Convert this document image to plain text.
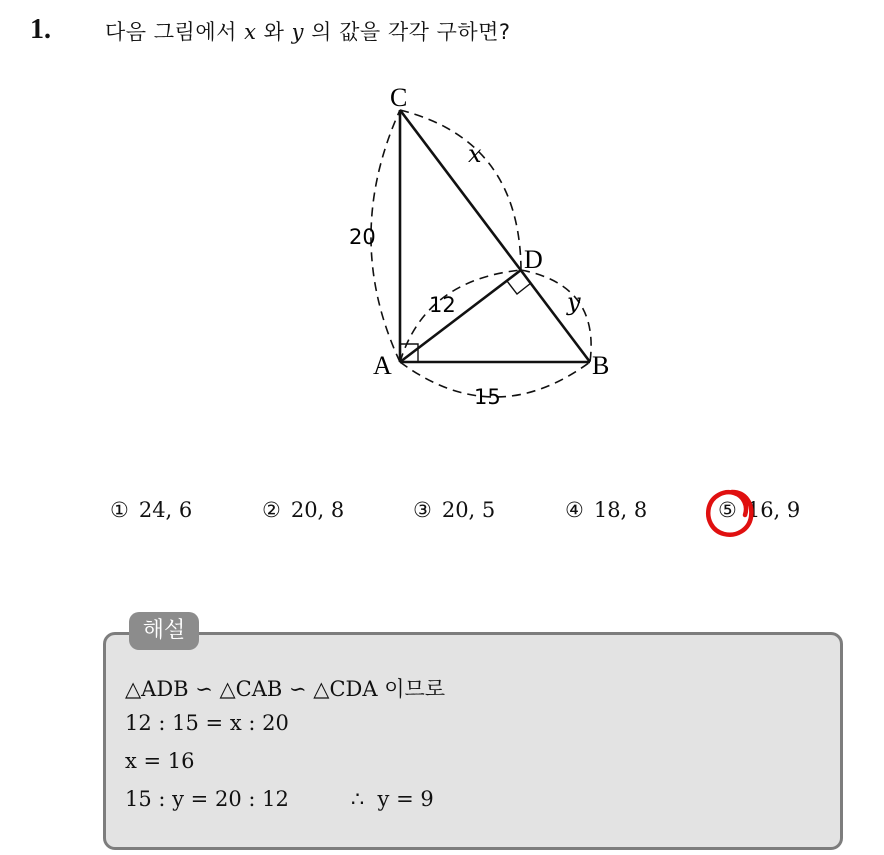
1.	다음 그림에서 x 와 y 의 값을 각각 구하면?
C
D
A	B
20
12
15
x
y
① 24, 6	② 20, 8	③ 20, 5	④ 18, 8	⑤ 16, 9
해설
△ADB ∽ △CAB ∽ △CDA 이므로
12 : 15 = x : 20
x = 16
15 : y = 20 : 12	∴  y = 9
